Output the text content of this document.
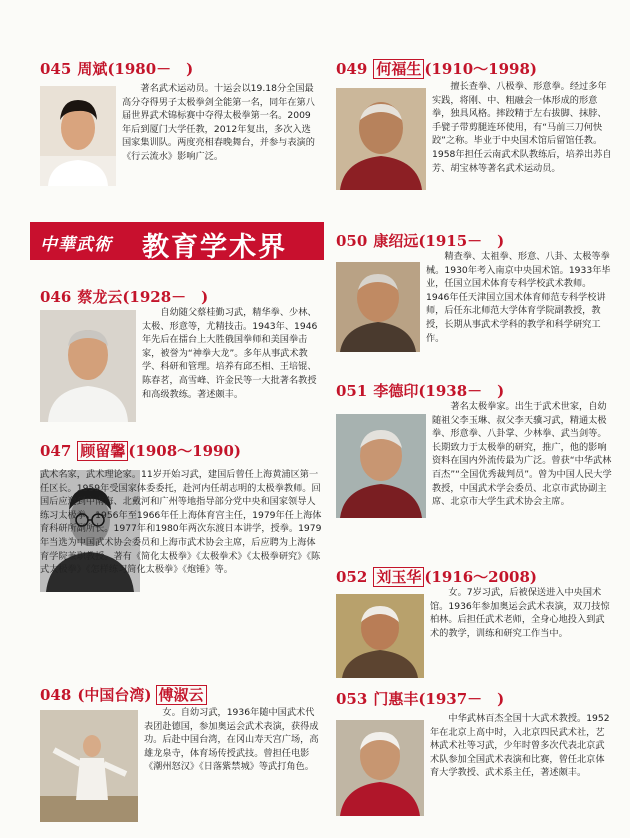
中華武術 教育学术界
045 周斌(1980－　)

著名武术运动员。十运会以19.18分全国最高分夺得男子太极拳剑全能第一名，同年在第八届世界武术锦标赛中夺得太极拳第一名。2009年后到厦门大学任教，2012年复出，多次入选国家集训队。两度亮相春晚舞台，并参与表演的《行云流水》影响广泛。

046 蔡龙云(1928－　)

自幼随父蔡桂勤习武，精华拳、少林、太极、形意等，尤精技击。1943年、1946年先后在擂台上大胜俄国拳师和美国拳击家，被誉为“神拳大龙”。多年从事武术教学、科研和管理。培养有邱丕相、王培锟、陈春茗，高雪峰、许金民等一大批著名教授和高级教练。著述颇丰。

047 顾留馨 (1908～1990)

武术名家，武术理论家。11岁开始习武，建国后曾任上海黄浦区第一任区长。1959年受国家体委委托，赴河内任胡志明的太极拳教师。回国后应邀到中南海、北戴河和广州等地指导部分党中央和国家领导人练习太极拳。1956年至1966年任上海体育宫主任，1979年任上海体育科研所副所长。1977年和1980年两次东渡日本讲学，授拳。1979年当选为中国武术协会委员和上海市武术协会主席，后应聘为上海体育学院兼职教授。著有《简化太极拳》《太极拳术》《太极拳研究》《陈式太极拳》《怎样练习简化太极拳》《炮锤》等。

048 (中国台湾) 傅淑云

女。自幼习武，1936年随中国武术代表团赴德国，参加奥运会武术表演，获得成功。后赴中国台湾，在冈山寿天宫广场，高雄龙泉寺，体育场传授武技。曾担任电影《潮州怒汉》《日落紫禁城》等武打角色。

049 何福生 (1910～1998)

擅长查拳、八极拳、形意拳。经过多年实践，将刚、中、粗融会一体形成的形意拳，独具风格。摔跤精于左右拔脚、抹脖、手甓子带剪腿连环使用，有“马前三刀何快跤”之称。毕业于中央国术馆后留馆任教。1958年担任云南武术队教练后，培养出苏自芳、胡宝林等著名武术运动员。

050 康绍远(1915－　)

精查拳、太祖拳、形意、八卦、太极等拳械。1930年考入南京中央国术馆。1933年毕业，任国立国术体育专科学校武术教师。1946年任天津国立国术体育师范专科学校讲师，后任东北师范大学体育学院副教授，教授，长期从事武术学科的教学和科学研究工作。

051 李德印(1938－　)

著名太极拳家。出生于武术世家，自幼随祖父李玉琳、叔父李天骥习武，精通太极拳、形意拳、八卦掌、少林拳、武当剑等。长期致力于太极拳的研究，推广，他的影响资料在国内外流传最为广泛。曾获“中华武林百杰”“全国优秀裁判员”。曾为中国人民大学教授，中国武术学会委员、北京市武协副主席、北京市大学生武术协会主席。

052 刘玉华 (1916～2008)

女。7岁习武，后被保送进入中央国术馆。1936年参加奥运会武术表演，双刀技惊柏林。后担任武术老师，全身心地投入到武术的教学，训练和研究工作当中。

053 门惠丰(1937－　)

中华武林百杰全国十大武术教授。1952年在北京上高中时，入北京四民武术社，艺林武术社等习武，少年时曾多次代表北京武术队参加全国武术表演和比赛，曾任北京体育大学教授、武术系主任，著述颇丰。
